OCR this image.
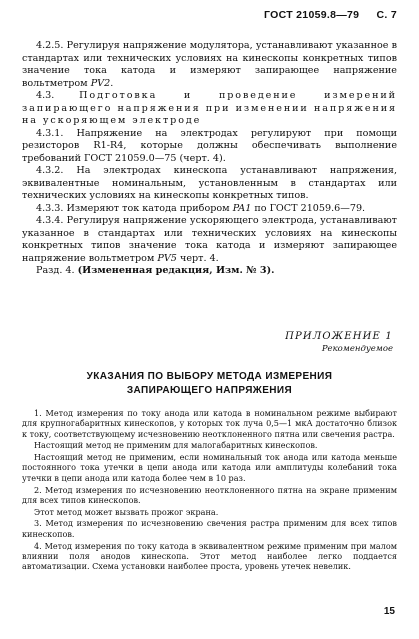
ГОСТ 21059.8—79 С. 7

4.2.5. Регулируя напряжение модулятора, устанавливают указанное в стандартах или технических условиях на кинескопы конкретных типов значение тока катода и измеряют запирающее напряжение вольтметром PV2.

4.3.	Подготовка и проведение измерений запирающего напряжения при изменении напряжения на ускоряющем электроде

4.3.1. Напряжение на электродах регулируют при помощи резисторов R1-R4, которые должны обеспечивать выполнение требований ГОСТ 21059.0—75 (черт. 4).

4.3.2. На электродах кинескопа устанавливают напряжения, эквивалентные номинальным, установленным в стандартах или технических условиях на кинескопы конкретных типов.

4.3.3. Измеряют ток катода прибором PA1 по ГОСТ 21059.6—79.

4.3.4. Регулируя напряжение ускоряющего электрода, устанавливают указанное в стандартах или технических условиях на кинескопы конкретных типов значение тока катода и измеряют запирающее напряжение вольтметром PV5 черт. 4.

Разд. 4. (Измененная редакция, Изм. № 3).

ПРИЛОЖЕНИЕ 1
Рекомендуемое
УКАЗАНИЯ ПО ВЫБОРУ МЕТОДА ИЗМЕРЕНИЯ
ЗАПИРАЮЩЕГО НАПРЯЖЕНИЯ

1. Метод измерения по току анода или катода в номинальном режиме выбирают для крупногабаритных кинескопов, у которых ток луча 0,5—1 мкА достаточно близок к току, соответствующему исчезновению неотклоненного пятна или свечения растра.

Настоящий метод не применим для малогабаритных кинескопов.

Настоящий метод не применим, если номинальный ток анода или катода меньше постоянного тока утечки в цепи анода или катода или амплитуды колебаний тока утечки в цепи анода или катода более чем в 10 раз.

2. Метод измерения по исчезновению неотклоненного пятна на экране применим для всех типов кинескопов.

Этот метод может вызвать прожог экрана.

3. Метод измерения по исчезновению свечения растра применим для всех типов кинескопов.

4. Метод измерения по току катода в эквивалентном режиме применим при малом влиянии поля анодов кинескопа. Этот метод наиболее легко поддается автоматизации. Схема установки наиболее проста, уровень утечек невелик.

15
